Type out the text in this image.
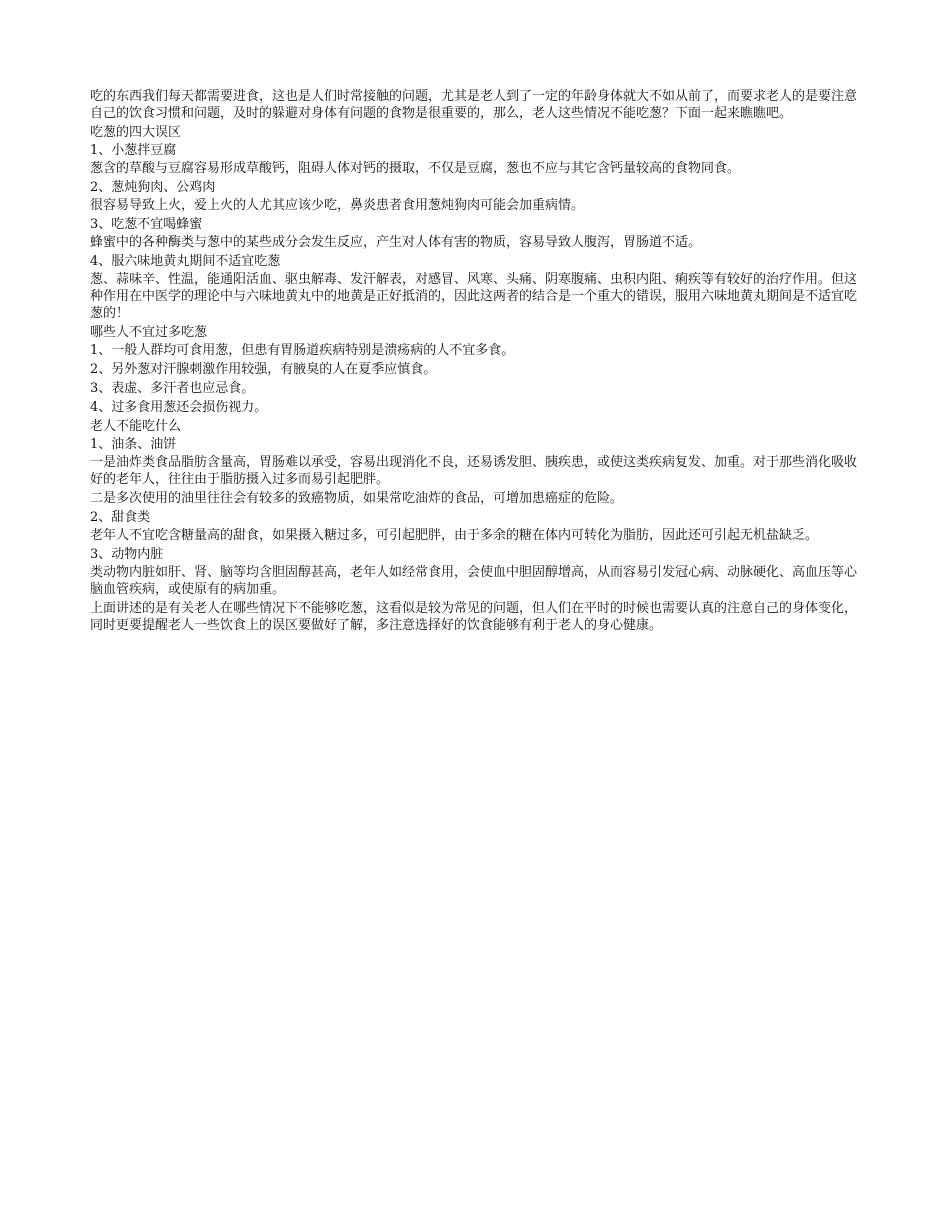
吃的东西我们每天都需要进食，这也是人们时常接触的问题，尤其是老人到了一定的年龄身体就大不如从前了，而要求老人的是要注意自己的饮食习惯和问题，及时的躲避对身体有问题的食物是很重要的，那么，老人这些情况不能吃葱？下面一起来瞧瞧吧。

吃葱的四大误区

1、小葱拌豆腐

葱含的草酸与豆腐容易形成草酸钙，阻碍人体对钙的摄取，不仅是豆腐，葱也不应与其它含钙量较高的食物同食。

2、葱炖狗肉、公鸡肉

很容易导致上火，爱上火的人尤其应该少吃，鼻炎患者食用葱炖狗肉可能会加重病情。

3、吃葱不宜喝蜂蜜

蜂蜜中的各种酶类与葱中的某些成分会发生反应，产生对人体有害的物质，容易导致人腹泻，胃肠道不适。

4、服六味地黄丸期间不适宜吃葱

葱、蒜味辛、性温，能通阳活血、驱虫解毒、发汗解表，对感冒、风寒、头痛、阴寒腹痛、虫积内阻、痢疾等有较好的治疗作用。但这种作用在中医学的理论中与六味地黄丸中的地黄是正好抵消的，因此这两者的结合是一个重大的错误，服用六味地黄丸期间是不适宜吃葱的！

哪些人不宜过多吃葱

1、一般人群均可食用葱，但患有胃肠道疾病特别是溃疡病的人不宜多食。

2、另外葱对汗腺刺激作用较强，有腋臭的人在夏季应慎食。

3、表虚、多汗者也应忌食。

4、过多食用葱还会损伤视力。

老人不能吃什么

1、油条、油饼

一是油炸类食品脂肪含量高，胃肠难以承受，容易出现消化不良，还易诱发胆、胰疾患，或使这类疾病复发、加重。对于那些消化吸收好的老年人，往往由于脂肪摄入过多而易引起肥胖。

二是多次使用的油里往往会有较多的致癌物质，如果常吃油炸的食品，可增加患癌症的危险。

2、甜食类

老年人不宜吃含糖量高的甜食，如果摄入糖过多，可引起肥胖，由于多余的糖在体内可转化为脂肪，因此还可引起无机盐缺乏。

3、动物内脏

类动物内脏如肝、肾、脑等均含胆固醇甚高，老年人如经常食用，会使血中胆固醇增高，从而容易引发冠心病、动脉硬化、高血压等心脑血管疾病，或使原有的病加重。

上面讲述的是有关老人在哪些情况下不能够吃葱，这看似是较为常见的问题，但人们在平时的时候也需要认真的注意自己的身体变化，同时更要提醒老人一些饮食上的误区要做好了解，多注意选择好的饮食能够有利于老人的身心健康。
